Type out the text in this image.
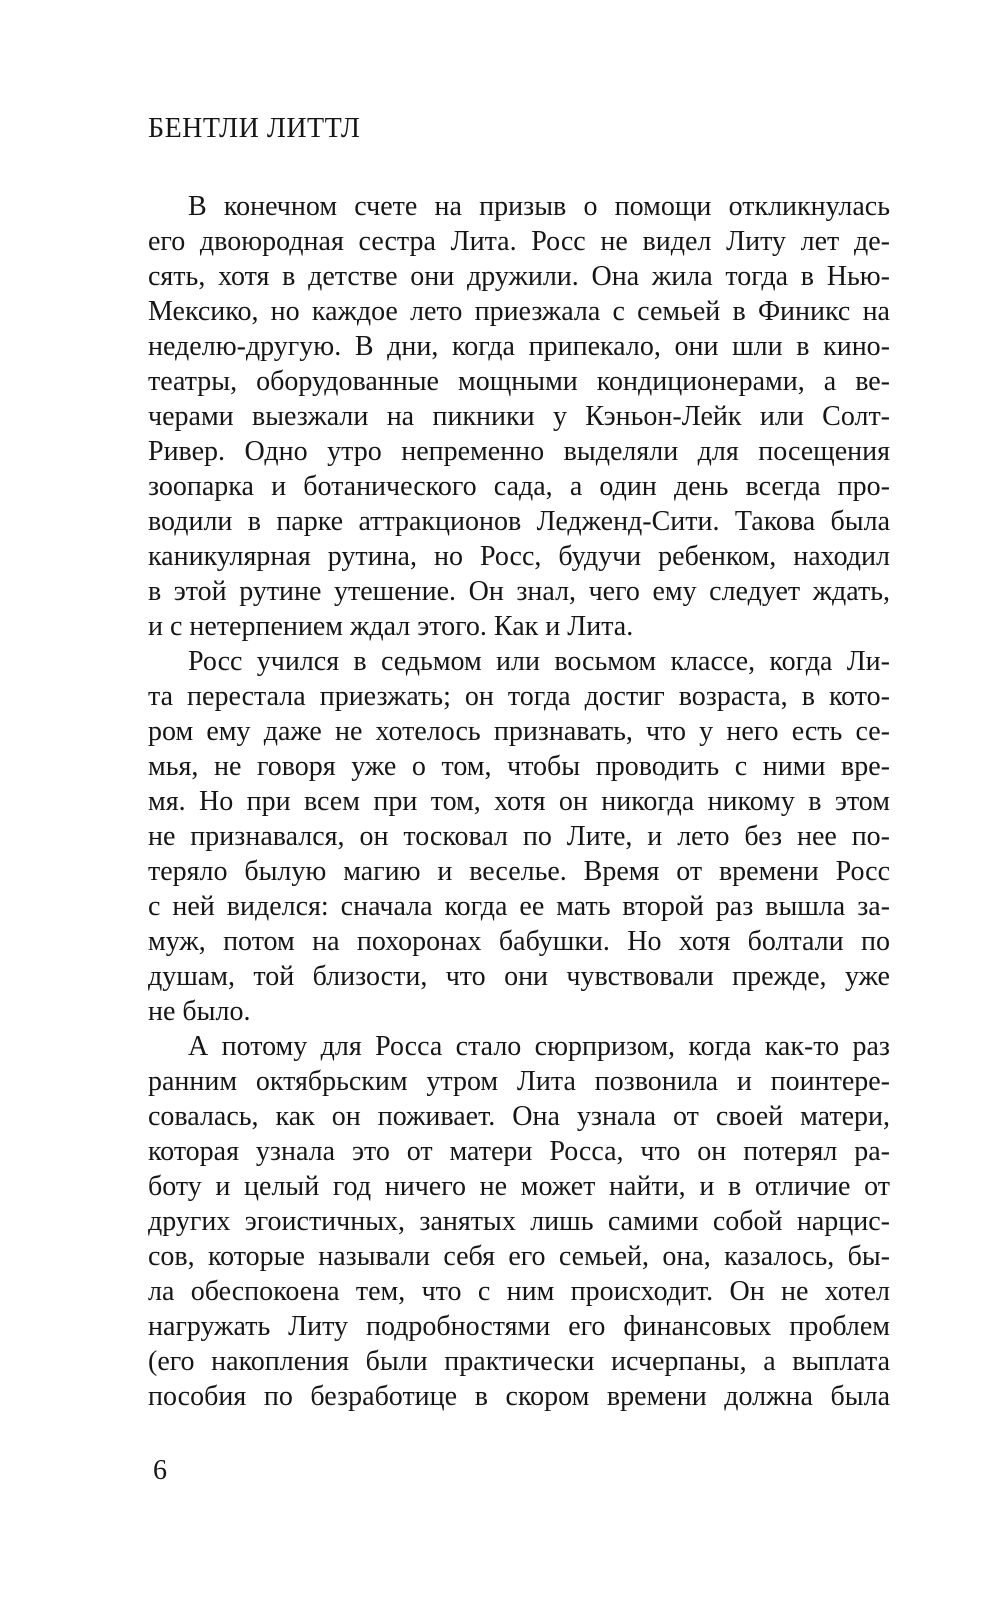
БЕНТЛИ ЛИТТЛ
В конечном счете на призыв о помощи откликнулась
его двоюродная сестра Лита. Росс не видел Литу лет де-
сять, хотя в детстве они дружили. Она жила тогда в Нью-
Мексико, но каждое лето приезжала с семьей в Финикс на
неделю-другую. В дни, когда припекало, они шли в кино-
театры, оборудованные мощными кондиционерами, а ве-
черами выезжали на пикники у Кэньон-Лейк или Солт-
Ривер. Одно утро непременно выделяли для посещения
зоопарка и ботанического сада, а один день всегда про-
водили в парке аттракционов Ледженд-Сити. Такова была
каникулярная рутина, но Росс, будучи ребенком, находил
в этой рутине утешение. Он знал, чего ему следует ждать,
и с нетерпением ждал этого. Как и Лита.
Росс учился в седьмом или восьмом классе, когда Ли-
та перестала приезжать; он тогда достиг возраста, в кото-
ром ему даже не хотелось признавать, что у него есть се-
мья, не говоря уже о том, чтобы проводить с ними вре-
мя. Но при всем при том, хотя он никогда никому в этом
не признавался, он тосковал по Лите, и лето без нее по-
теряло былую магию и веселье. Время от времени Росс
с ней виделся: сначала когда ее мать второй раз вышла за-
муж, потом на похоронах бабушки. Но хотя болтали по
душам, той близости, что они чувствовали прежде, уже
не было.
А потому для Росса стало сюрпризом, когда как-то раз
ранним октябрьским утром Лита позвонила и поинтере-
совалась, как он поживает. Она узнала от своей матери,
которая узнала это от матери Росса, что он потерял ра-
боту и целый год ничего не может найти, и в отличие от
других эгоистичных, занятых лишь самими собой нарцис-
сов, которые называли себя его семьей, она, казалось, бы-
ла обеспокоена тем, что с ним происходит. Он не хотел
нагружать Литу подробностями его финансовых проблем
(его накопления были практически исчерпаны, а выплата
пособия по безработице в скором времени должна была
6
